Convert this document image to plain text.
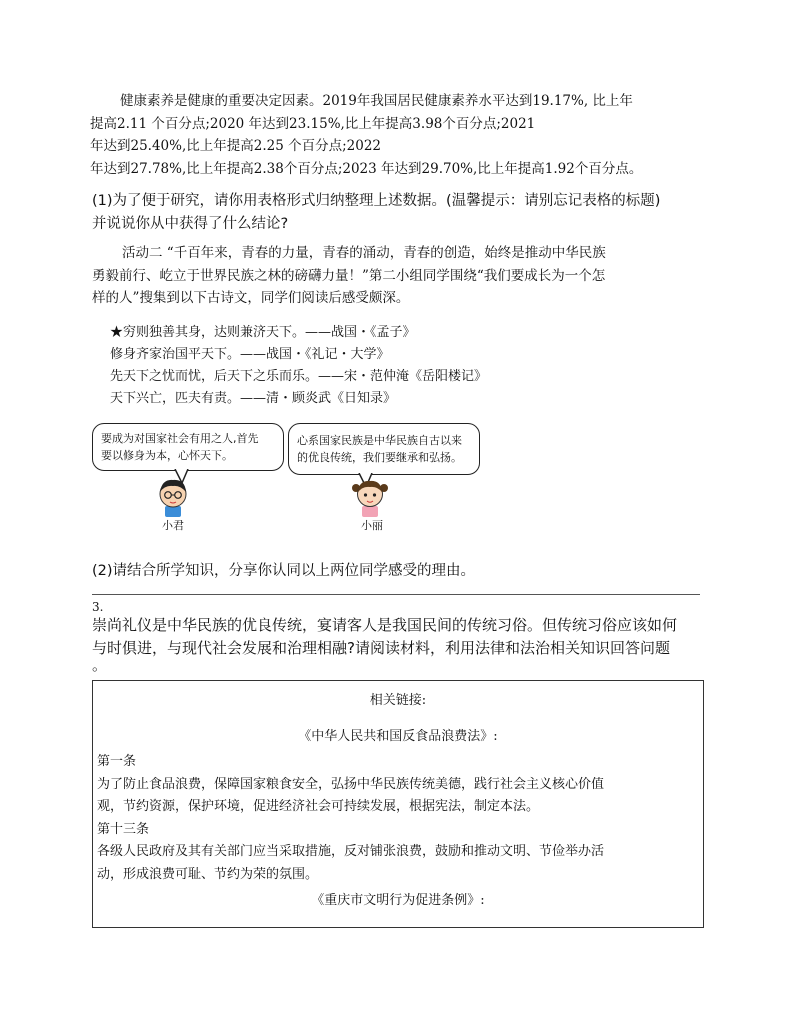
健康素养是健康的重要决定因素。2019年我国居民健康素养水平达到19.17%, 比上年
提高2.11 个百分点;2020 年达到23.15%,比上年提高3.98个百分点;2021
年达到25.40%,比上年提高2.25 个百分点;2022
年达到27.78%,比上年提高2.38个百分点;2023 年达到29.70%,比上年提高1.92个百分点。
(1)为了便于研究，请你用表格形式归纳整理上述数据。(温馨提示：请别忘记表格的标题)
并说说你从中获得了什么结论?
活动二 “千百年来，青春的力量，青春的涌动，青春的创造，始终是推动中华民族
勇毅前行、屹立于世界民族之林的磅礴力量！”第二小组同学围绕“我们要成长为一个怎
样的人”搜集到以下古诗文，同学们阅读后感受颇深。
★穷则独善其身，达则兼济天下。——战国・《孟子》
修身齐家治国平天下。——战国・《礼记・大学》
先天下之忧而忧，后天下之乐而乐。——宋・范仲淹《岳阳楼记》
天下兴亡，匹夫有责。——清・顾炎武《日知录》
要成为对国家社会有用之人,首先
要以修身为本，心怀天下。
心系国家民族是中华民族自古以来
的优良传统，我们要继承和弘扬。
小君	小丽
(2)请结合所学知识，分享你认同以上两位同学感受的理由。
3.
崇尚礼仪是中华民族的优良传统，宴请客人是我国民间的传统习俗。但传统习俗应该如何
与时俱进，与现代社会发展和治理相融?请阅读材料，利用法律和法治相关知识回答问题
。
相关链接:
《中华人民共和国反食品浪费法》:
第一条
为了防止食品浪费，保障国家粮食安全，弘扬中华民族传统美德，践行社会主义核心价值
观，节约资源，保护环境，促进经济社会可持续发展，根据宪法，制定本法。
第十三条
各级人民政府及其有关部门应当采取措施，反对铺张浪费，鼓励和推动文明、节俭举办活
动，形成浪费可耻、节约为荣的氛围。
《重庆市文明行为促进条例》:
